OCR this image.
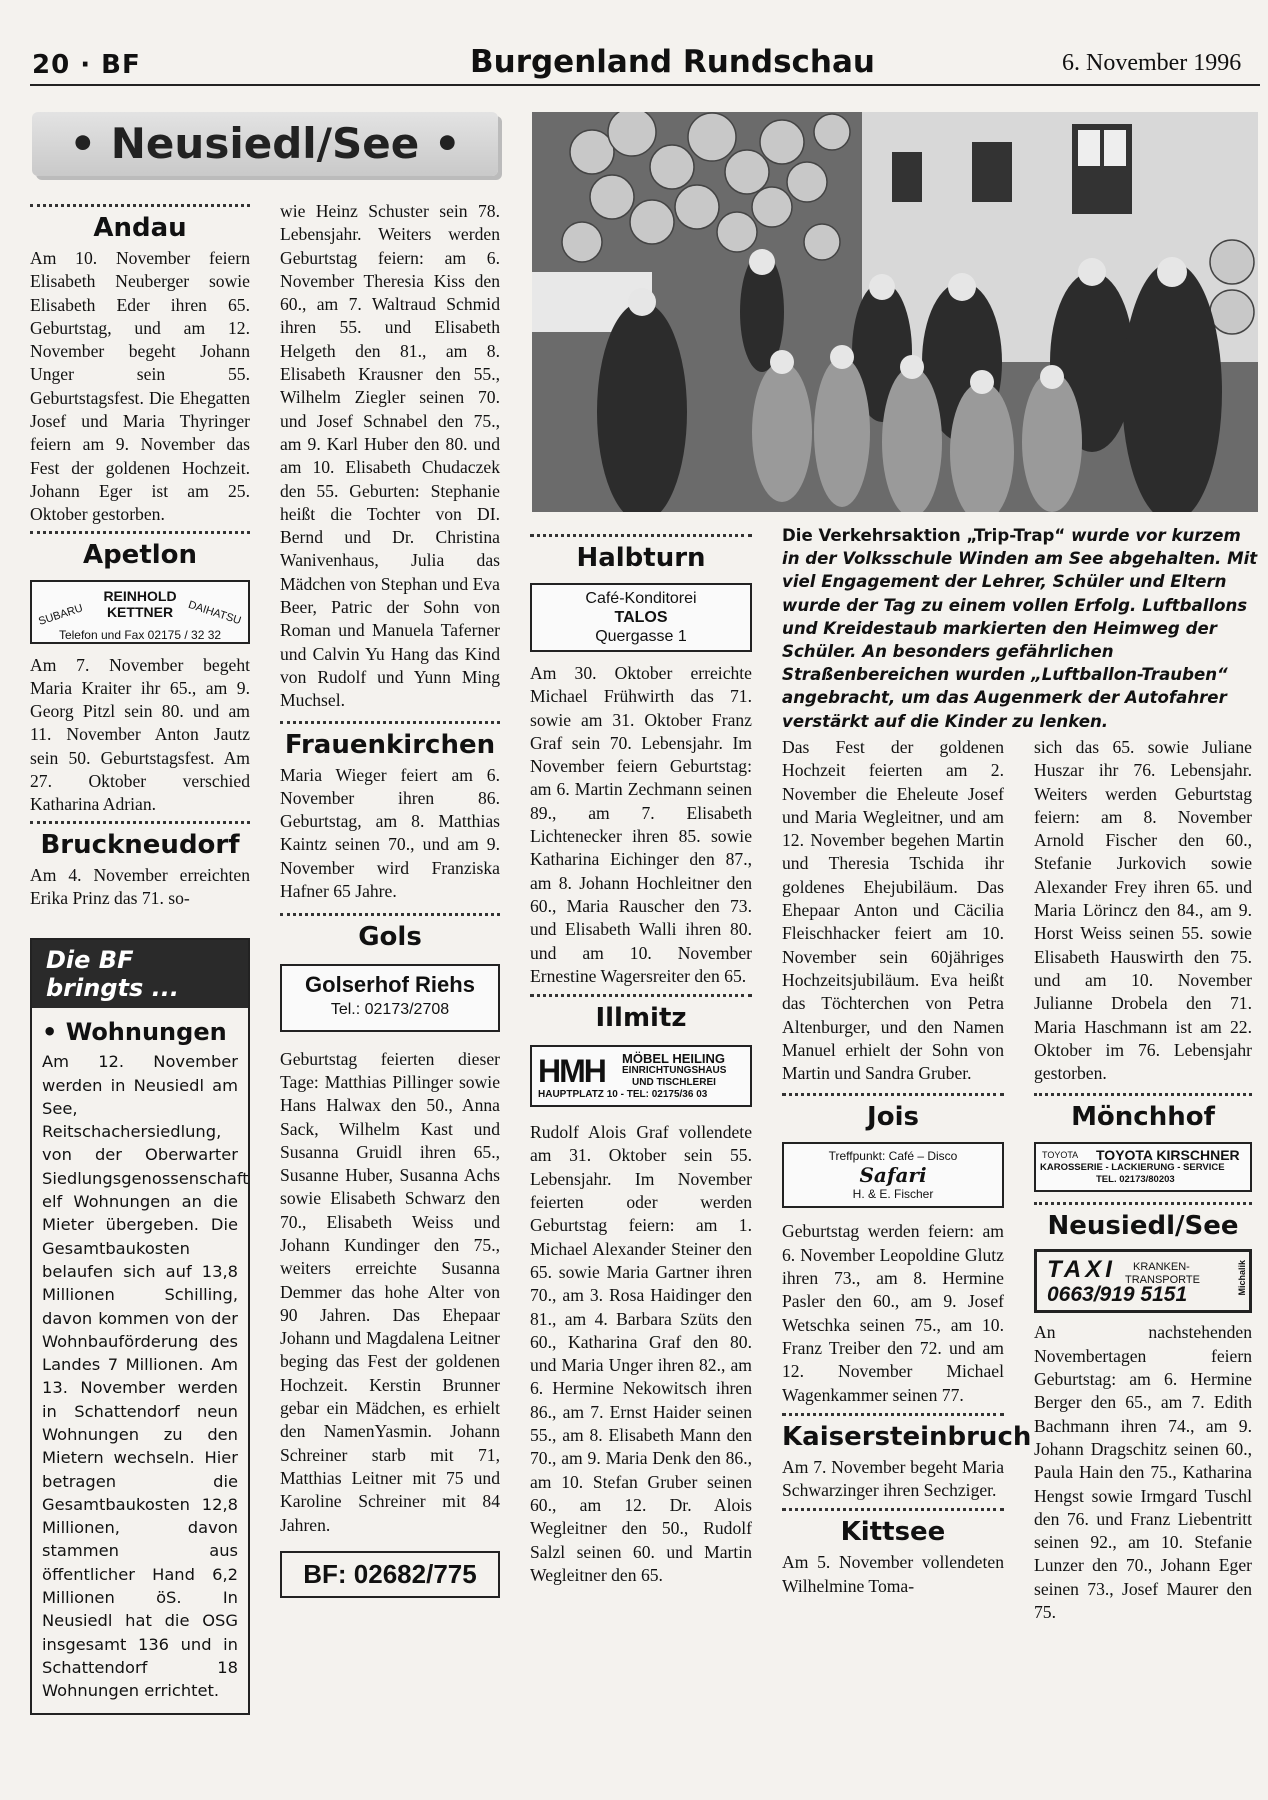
20 · BF	Burgenland Rundschau	6. November 1996
• Neusiedl/See •
Andau

Am 10. November feiern Elisabeth Neuberger sowie Elisabeth Eder ihren 65. Geburtstag, und am 12. November begeht Johann Unger sein 55. Geburtstagsfest. Die Ehegatten Josef und Maria Thyringer feiern am 9. November das Fest der goldenen Hochzeit. Johann Eger ist am 25. Oktober gestorben.

Apetlon
REINHOLD
KETTNER
SUBARU	DAIHATSU
Telefon und Fax 02175 / 32 32

Am 7. November begeht Maria Kraiter ihr 65., am 9. Georg Pitzl sein 80. und am 11. November Anton Jautz sein 50. Geburtstagsfest. Am 27. Oktober verschied Katharina Adrian.

Bruckneudorf

Am 4. November erreichten Erika Prinz das 71. so-

Die BF bringts ...
• Wohnungen

Am 12. November werden in Neusiedl am See, Reitschachersiedlung, von der Oberwarter Siedlungsgenossenschaft elf Wohnungen an die Mieter übergeben. Die Gesamtbaukosten belaufen sich auf 13,8 Millionen Schilling, davon kommen von der Wohnbauförderung des Landes 7 Millionen. Am 13. November werden in Schattendorf neun Wohnungen zu den Mietern wechseln. Hier betragen die Gesamtbaukosten 12,8 Millionen, davon stammen aus öffentlicher Hand 6,2 Millionen öS. In Neusiedl hat die OSG insgesamt 136 und in Schattendorf 18 Wohnungen errichtet.

wie Heinz Schuster sein 78. Lebensjahr. Weiters werden Geburtstag feiern: am 6. November Theresia Kiss den 60., am 7. Waltraud Schmid ihren 55. und Elisabeth Helgeth den 81., am 8. Elisabeth Krausner den 55., Wilhelm Ziegler seinen 70. und Josef Schnabel den 75., am 9. Karl Huber den 80. und am 10. Elisabeth Chudaczek den 55. Geburten: Stephanie heißt die Tochter von DI. Bernd und Dr. Christina Wanivenhaus, Julia das Mädchen von Stephan und Eva Beer, Patric der Sohn von Roman und Manuela Taferner und Calvin Yu Hang das Kind von Rudolf und Yunn Ming Muchsel.

Frauenkirchen

Maria Wieger feiert am 6. November ihren 86. Geburtstag, am 8. Matthias Kaintz seinen 70., und am 9. November wird Franziska Hafner 65 Jahre.

Gols
Golserhof Riehs
Tel.: 02173/2708

Geburtstag feierten dieser Tage: Matthias Pillinger sowie Hans Halwax den 50., Anna Sack, Wilhelm Kast und Susanna Gruidl ihren 65., Susanne Huber, Susanna Achs sowie Elisabeth Schwarz den 70., Elisabeth Weiss und Johann Kundinger den 75., weiters erreichte Susanna Demmer das hohe Alter von 90 Jahren. Das Ehepaar Johann und Magdalena Leitner beging das Fest der goldenen Hochzeit. Kerstin Brunner gebar ein Mädchen, es erhielt den NamenYasmin. Johann Schreiner starb mit 71, Matthias Leitner mit 75 und Karoline Schreiner mit 84 Jahren.

BF: 02682/775
Die Verkehrsaktion „Trip-Trap“ wurde vor kurzem in der Volksschule Winden am See abgehalten. Mit viel Engagement der Lehrer, Schüler und Eltern wurde der Tag zu einem vollen Erfolg. Luftballons und Kreidestaub markierten den Heimweg der Schüler. An besonders gefährlichen Straßenbereichen wurden „Luftballon-Trauben“ angebracht, um das Augenmerk der Autofahrer verstärkt auf die Kinder zu lenken.
Halbturn
Café-Konditorei
TALOS
Quergasse 1

Am 30. Oktober erreichte Michael Frühwirth das 71. sowie am 31. Oktober Franz Graf sein 70. Lebensjahr. Im November feiern Geburtstag: am 6. Martin Zechmann seinen 89., am 7. Elisabeth Lichtenecker ihren 85. sowie Katharina Eichinger den 87., am 8. Johann Hochleitner den 60., Maria Rauscher den 73. und Elisabeth Walli ihren 80. und am 10. November Ernestine Wagersreiter den 65.

Illmitz
HMH MÖBEL HEILING
EINRICHTUNGSHAUS
UND TISCHLEREI
HAUPTPLATZ 10 - TEL: 02175/36 03

Rudolf Alois Graf vollendete am 31. Oktober sein 55. Lebensjahr. Im November feierten oder werden Geburtstag feiern: am 1. Michael Alexander Steiner den 65. sowie Maria Gartner ihren 70., am 3. Rosa Haidinger den 81., am 4. Barbara Szüts den 60., Katharina Graf den 80. und Maria Unger ihren 82., am 6. Hermine Nekowitsch ihren 86., am 7. Ernst Haider seinen 55., am 8. Elisabeth Mann den 70., am 9. Maria Denk den 86., am 10. Stefan Gruber seinen 60., am 12. Dr. Alois Wegleitner den 50., Rudolf Salzl seinen 60. und Martin Wegleitner den 65.

Das Fest der goldenen Hochzeit feierten am 2. November die Eheleute Josef und Maria Wegleitner, und am 12. November begehen Martin und Theresia Tschida ihr goldenes Ehejubiläum. Das Ehepaar Anton und Cäcilia Fleischhacker feiert am 10. November sein 60jähriges Hochzeitsjubiläum. Eva heißt das Töchterchen von Petra Altenburger, und den Namen Manuel erhielt der Sohn von Martin und Sandra Gruber.

Jois
Treffpunkt: Café – Disco
Safari
H. & E. Fischer

Geburtstag werden feiern: am 6. November Leopoldine Glutz ihren 73., am 8. Hermine Pasler den 60., am 9. Josef Wetschka seinen 75., am 10. Franz Treiber den 72. und am 12. November Michael Wagenkammer seinen 77.

Kaisersteinbruch

Am 7. November begeht Maria Schwarzinger ihren Sechziger.

Kittsee

Am 5. November vollendeten Wilhelmine Toma-

sich das 65. sowie Juliane Huszar ihr 76. Lebensjahr. Weiters werden Geburtstag feiern: am 8. November Arnold Fischer den 60., Stefanie Jurkovich sowie Alexander Frey ihren 65. und Maria Lörincz den 84., am 9. Horst Weiss seinen 55. sowie Elisabeth Hauswirth den 75. und am 10. November Julianne Drobela den 71. Maria Haschmann ist am 22. Oktober im 76. Lebensjahr gestorben.

Mönchhof
TOYOTA TOYOTA KIRSCHNER
KAROSSERIE - LACKIERUNG - SERVICE
TEL. 02173/80203
Neusiedl/See
TAXI KRANKEN-
TRANSPORTE
0663/919 5151	Michalik

An nachstehenden Novembertagen feiern Geburtstag: am 6. Hermine Berger den 65., am 7. Edith Bachmann ihren 74., am 9. Johann Dragschitz seinen 60., Paula Hain den 75., Katharina Hengst sowie Irmgard Tuschl den 76. und Franz Liebentritt seinen 92., am 10. Stefanie Lunzer den 70., Johann Eger seinen 73., Josef Maurer den 75.
